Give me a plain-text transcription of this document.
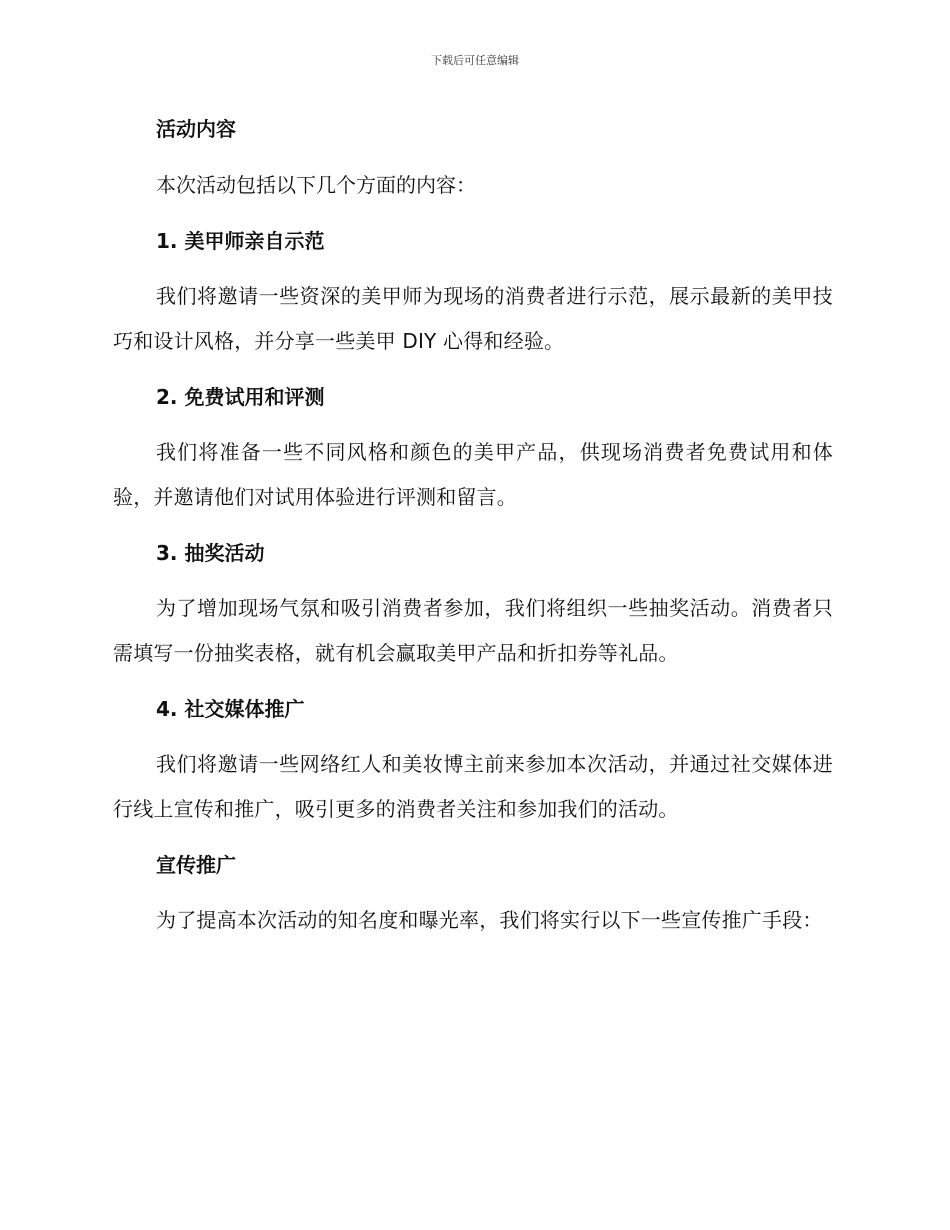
下载后可任意编辑
活动内容
本次活动包括以下几个方面的内容：
1. 美甲师亲自示范

我们将邀请一些资深的美甲师为现场的消费者进行示范，展示最新的美甲技巧和设计风格，并分享一些美甲 DIY 心得和经验。

2. 免费试用和评测

我们将准备一些不同风格和颜色的美甲产品，供现场消费者免费试用和体验，并邀请他们对试用体验进行评测和留言。

3. 抽奖活动

为了增加现场气氛和吸引消费者参加，我们将组织一些抽奖活动。消费者只需填写一份抽奖表格，就有机会赢取美甲产品和折扣券等礼品。

4. 社交媒体推广

我们将邀请一些网络红人和美妆博主前来参加本次活动，并通过社交媒体进行线上宣传和推广，吸引更多的消费者关注和参加我们的活动。

宣传推广

为了提高本次活动的知名度和曝光率，我们将实行以下一些宣传推广手段：
